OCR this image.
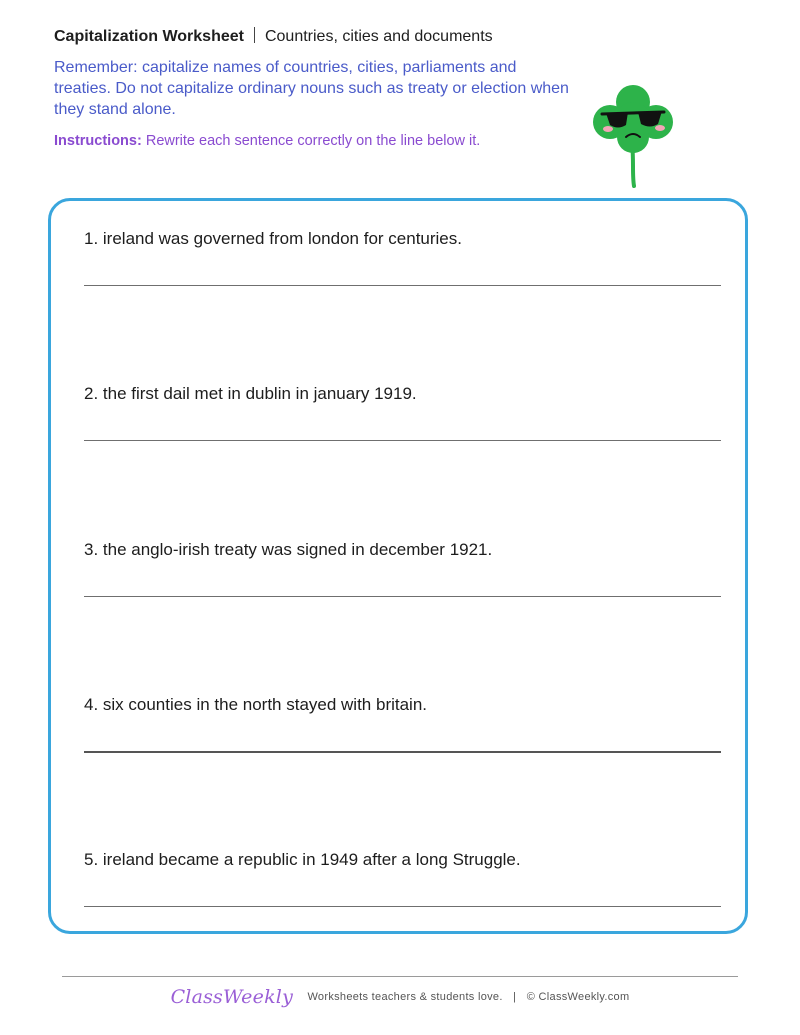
Capitalization Worksheet Countries, cities and documents
Remember: capitalize names of countries, cities, parliaments and treaties. Do not capitalize ordinary nouns such as treaty or election when they stand alone.
Instructions: Rewrite each sentence correctly on the line below it.
1. ireland was governed from london for centuries.
2. the first dail met in dublin in january 1919.
3. the anglo-irish treaty was signed in december 1921.
4. six counties in the north stayed with britain.
5. ireland became a republic in 1949 after a long Struggle.
ClassWeekly Worksheets teachers & students love. | © ClassWeekly.com
